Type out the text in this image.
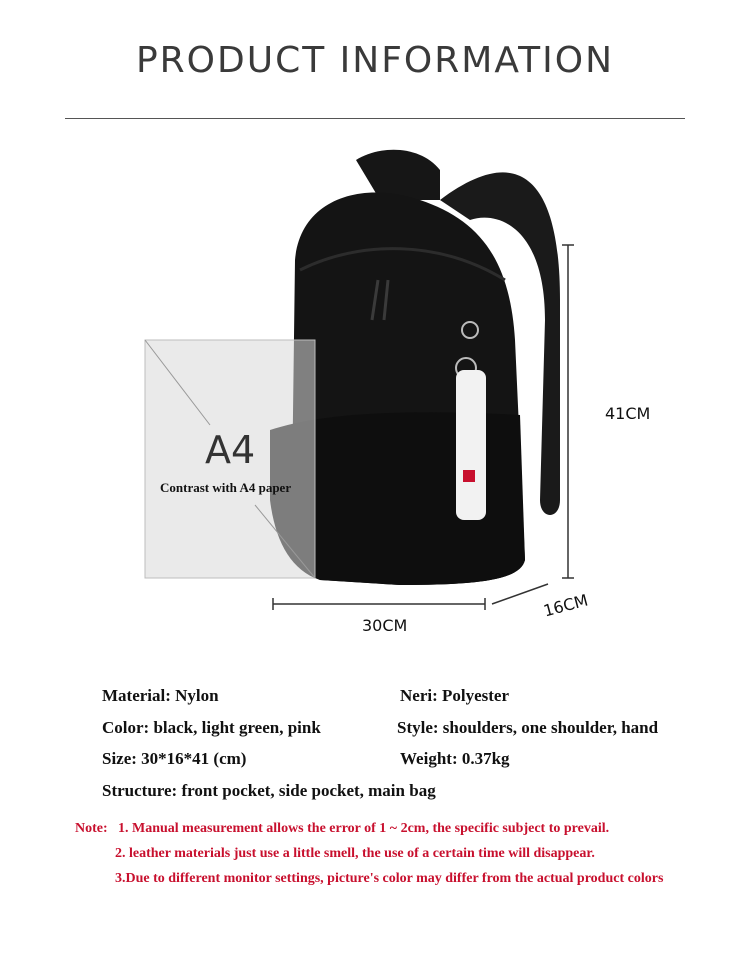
PRODUCT INFORMATION
A4
Contrast with A4 paper
41CM
30CM
16CM
Material: Nylon	Neri: Polyester
Color: black, light green, pink	Style: shoulders, one shoulder, hand
Size: 30*16*41 (cm)	Weight: 0.37kg
Structure: front pocket, side pocket, main bag
Note: 1. Manual measurement allows the error of 1 ~ 2cm, the specific subject to prevail.
2. leather materials just use a little smell, the use of a certain time will disappear.
3.Due to different monitor settings, picture's color may differ from the actual product colors
